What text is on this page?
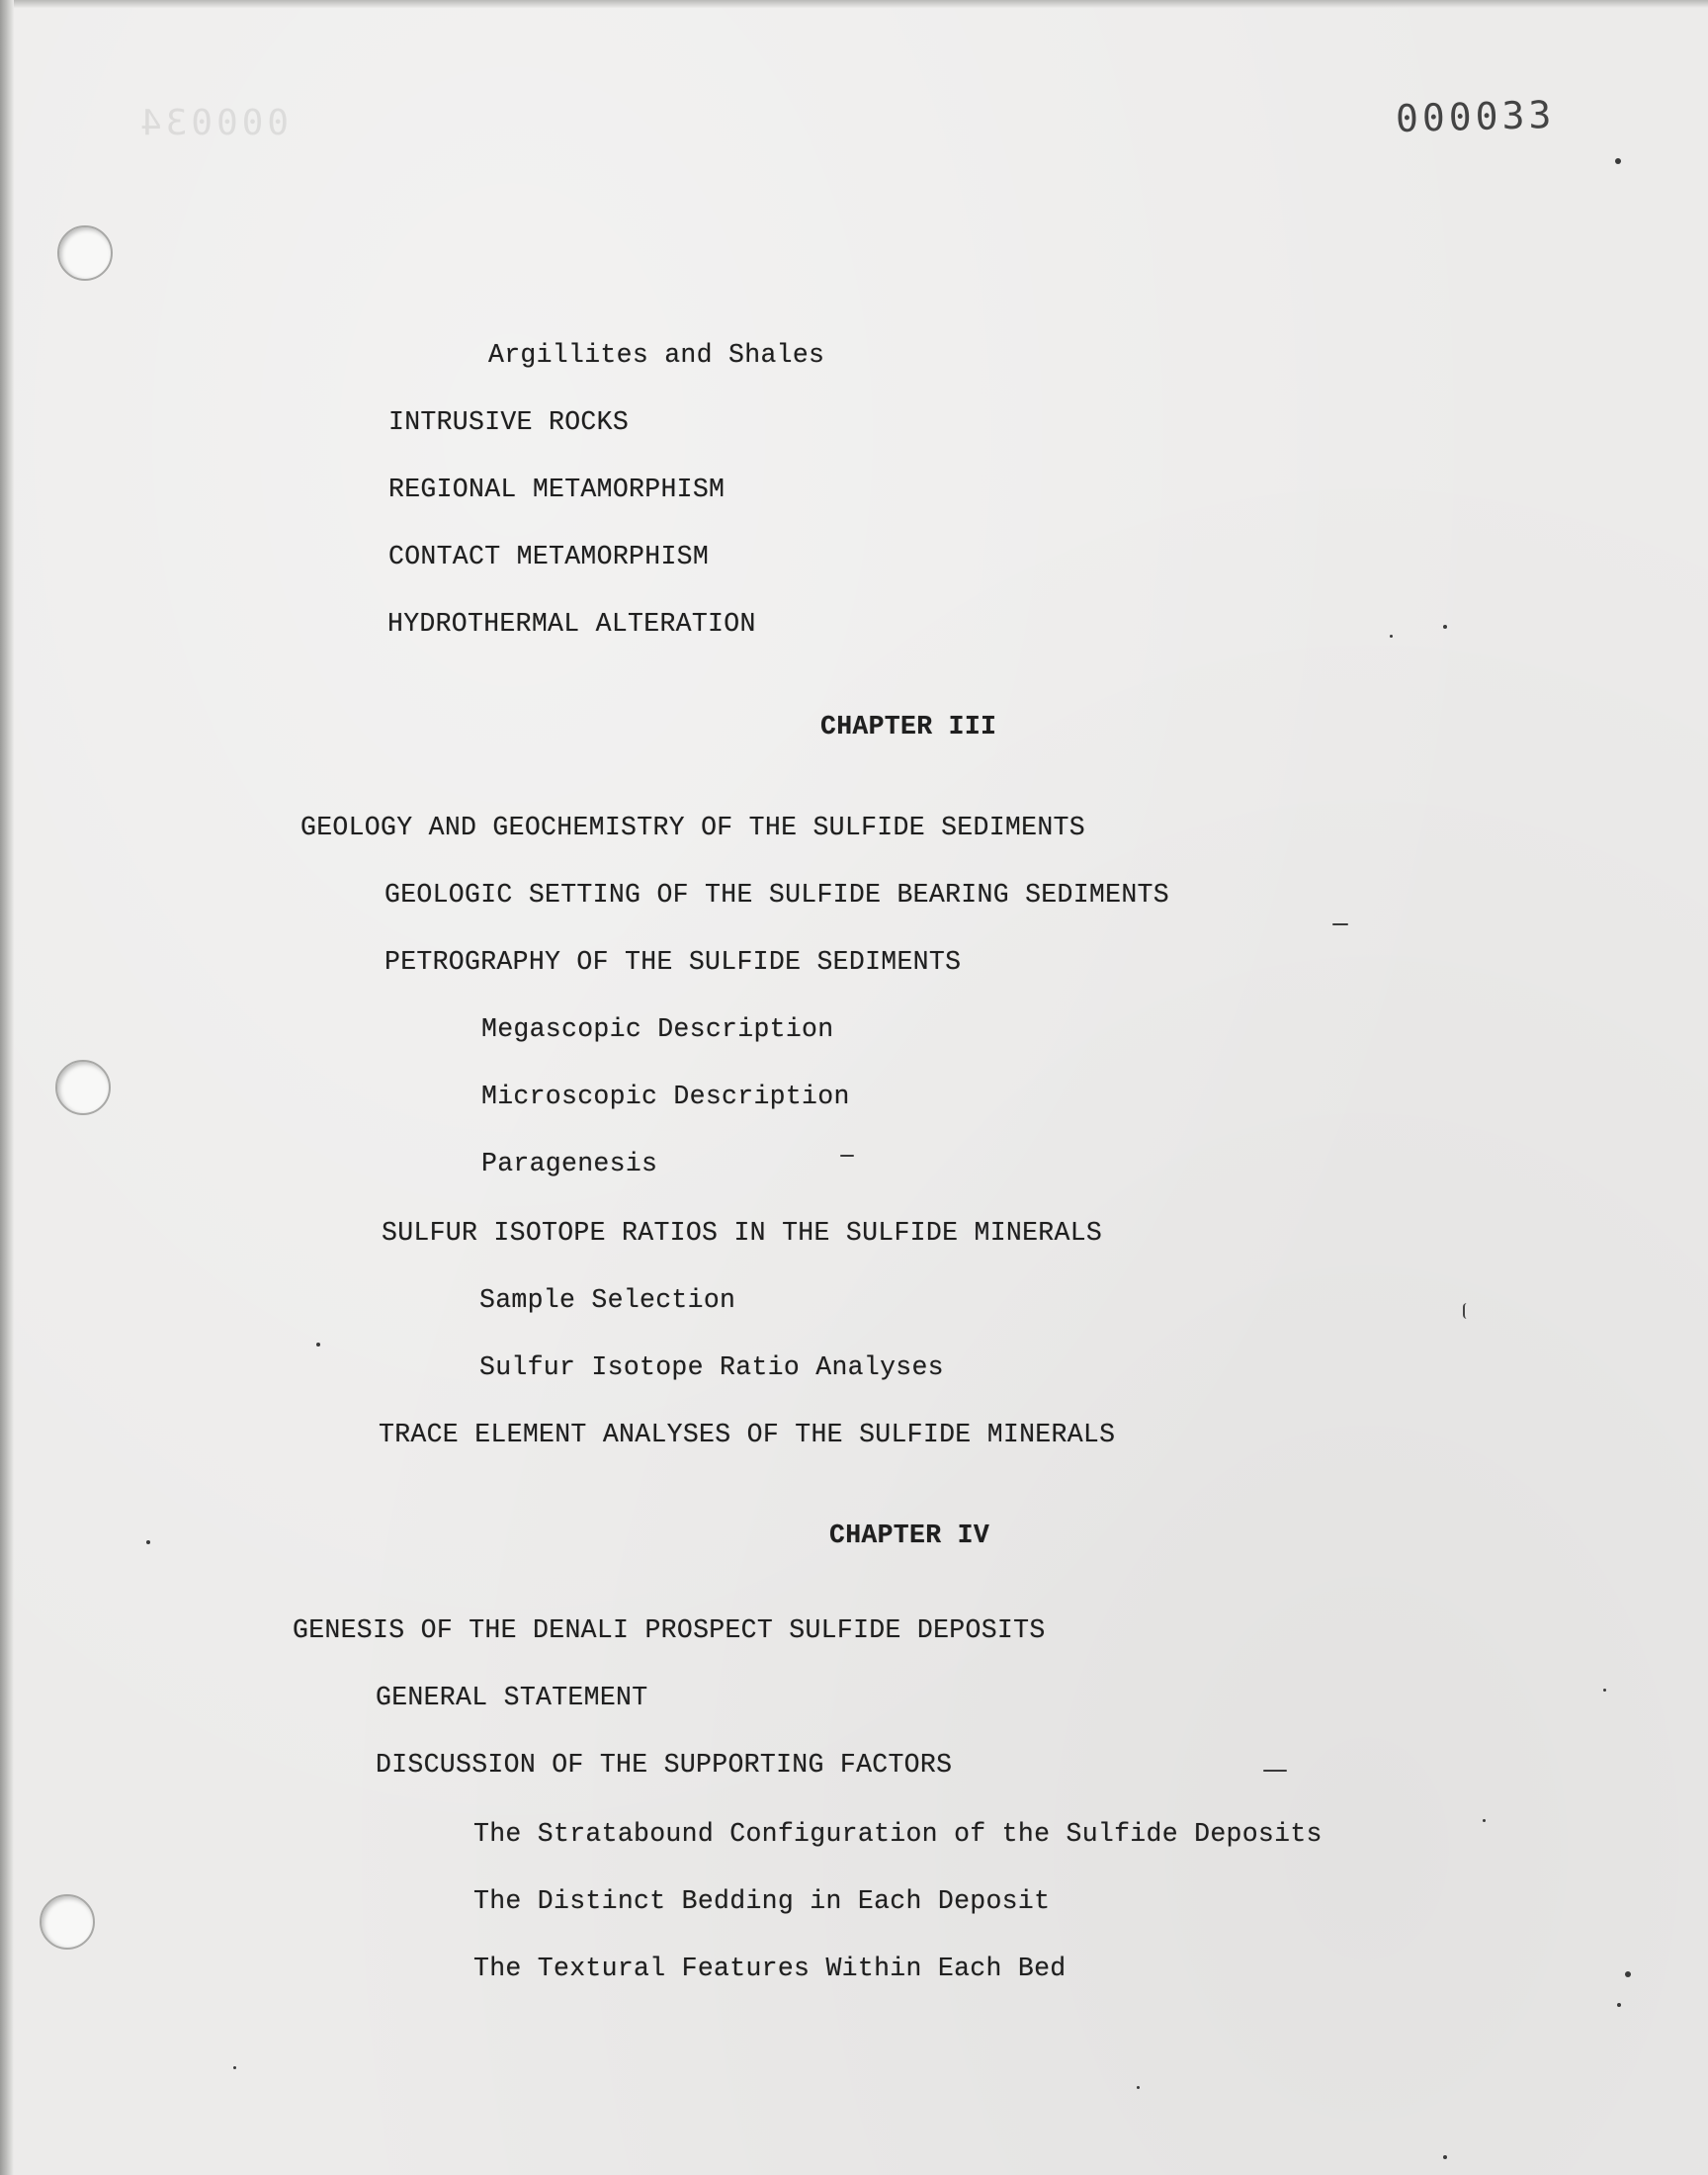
000034	000033
Argillites and Shales
INTRUSIVE ROCKS
REGIONAL METAMORPHISM
CONTACT METAMORPHISM
HYDROTHERMAL ALTERATION
CHAPTER III
GEOLOGY AND GEOCHEMISTRY OF THE SULFIDE SEDIMENTS
GEOLOGIC SETTING OF THE SULFIDE BEARING SEDIMENTS
PETROGRAPHY OF THE SULFIDE SEDIMENTS
Megascopic Description
Microscopic Description
Paragenesis
SULFUR ISOTOPE RATIOS IN THE SULFIDE MINERALS
Sample Selection
Sulfur Isotope Ratio Analyses
TRACE ELEMENT ANALYSES OF THE SULFIDE MINERALS
CHAPTER IV
GENESIS OF THE DENALI PROSPECT SULFIDE DEPOSITS
GENERAL STATEMENT
DISCUSSION OF THE SUPPORTING FACTORS
The Stratabound Configuration of the Sulfide Deposits
The Distinct Bedding in Each Deposit
The Textural Features Within Each Bed
